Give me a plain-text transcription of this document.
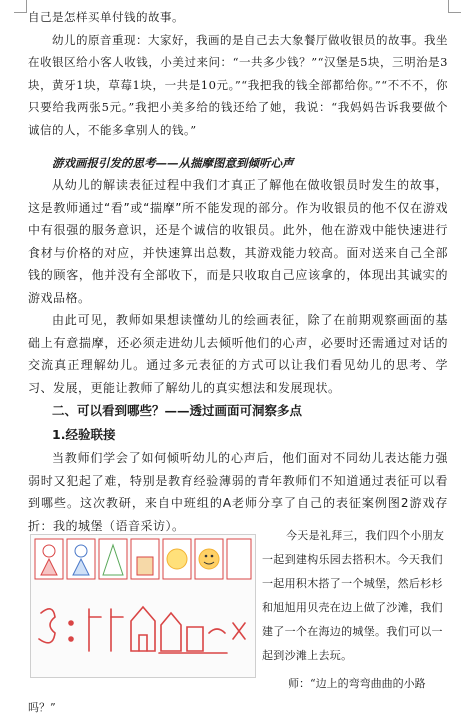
自己是怎样买单付钱的故事。

幼儿的原音重现：大家好，我画的是自己去大象餐厅做收银员的故事。我坐在收银区给小客人收钱，小美过来问：“一共多少钱？”“汉堡是5块，三明治是3块，黄牙1块，草莓1块，一共是10元。”“我把我的钱全部都给你。”“不不不，你只要给我两张5元。”我把小美多给的钱还给了她，我说：“我妈妈告诉我要做个诚信的人，不能多拿别人的钱。”

游戏画报引发的思考——从揣摩图意到倾听心声

从幼儿的解读表征过程中我们才真正了解他在做收银员时发生的故事，这是教师通过“看”或“揣摩”所不能发现的部分。作为收银员的他不仅在游戏中有很强的服务意识，还是个诚信的收银员。此外，他在游戏中能快速进行食材与价格的对应，并快速算出总数，其游戏能力较高。面对送来自己全部钱的顾客，他并没有全部收下，而是只收取自己应该拿的，体现出其诚实的游戏品格。

由此可见，教师如果想读懂幼儿的绘画表征，除了在前期观察画面的基础上有意揣摩，还必须走进幼儿去倾听他们的心声，必要时还需通过对话的交流真正理解幼儿。通过多元表征的方式可以让我们看见幼儿的思考、学习、发展，更能让教师了解幼儿的真实想法和发展现状。

二、可以看到哪些？——透过画面可洞察多点

1.经验联接

当教师们学会了如何倾听幼儿的心声后，他们面对不同幼儿表达能力强弱时又犯起了难，特别是教育经验薄弱的青年教师们不知道通过表征可以看到哪些。这次教研，来自中班组的A老师分享了自己的表征案例图2游戏存折：我的城堡（语音采访）。

今天是礼拜三，我们四个小朋友一起到建构乐园去搭积木。今天我们一起用积木搭了一个城堡，然后杉杉和旭旭用贝壳在边上做了沙滩，我们建了一个在海边的城堡。我们可以一起到沙滩上去玩。

师：“边上的弯弯曲曲的小路
吗？”
